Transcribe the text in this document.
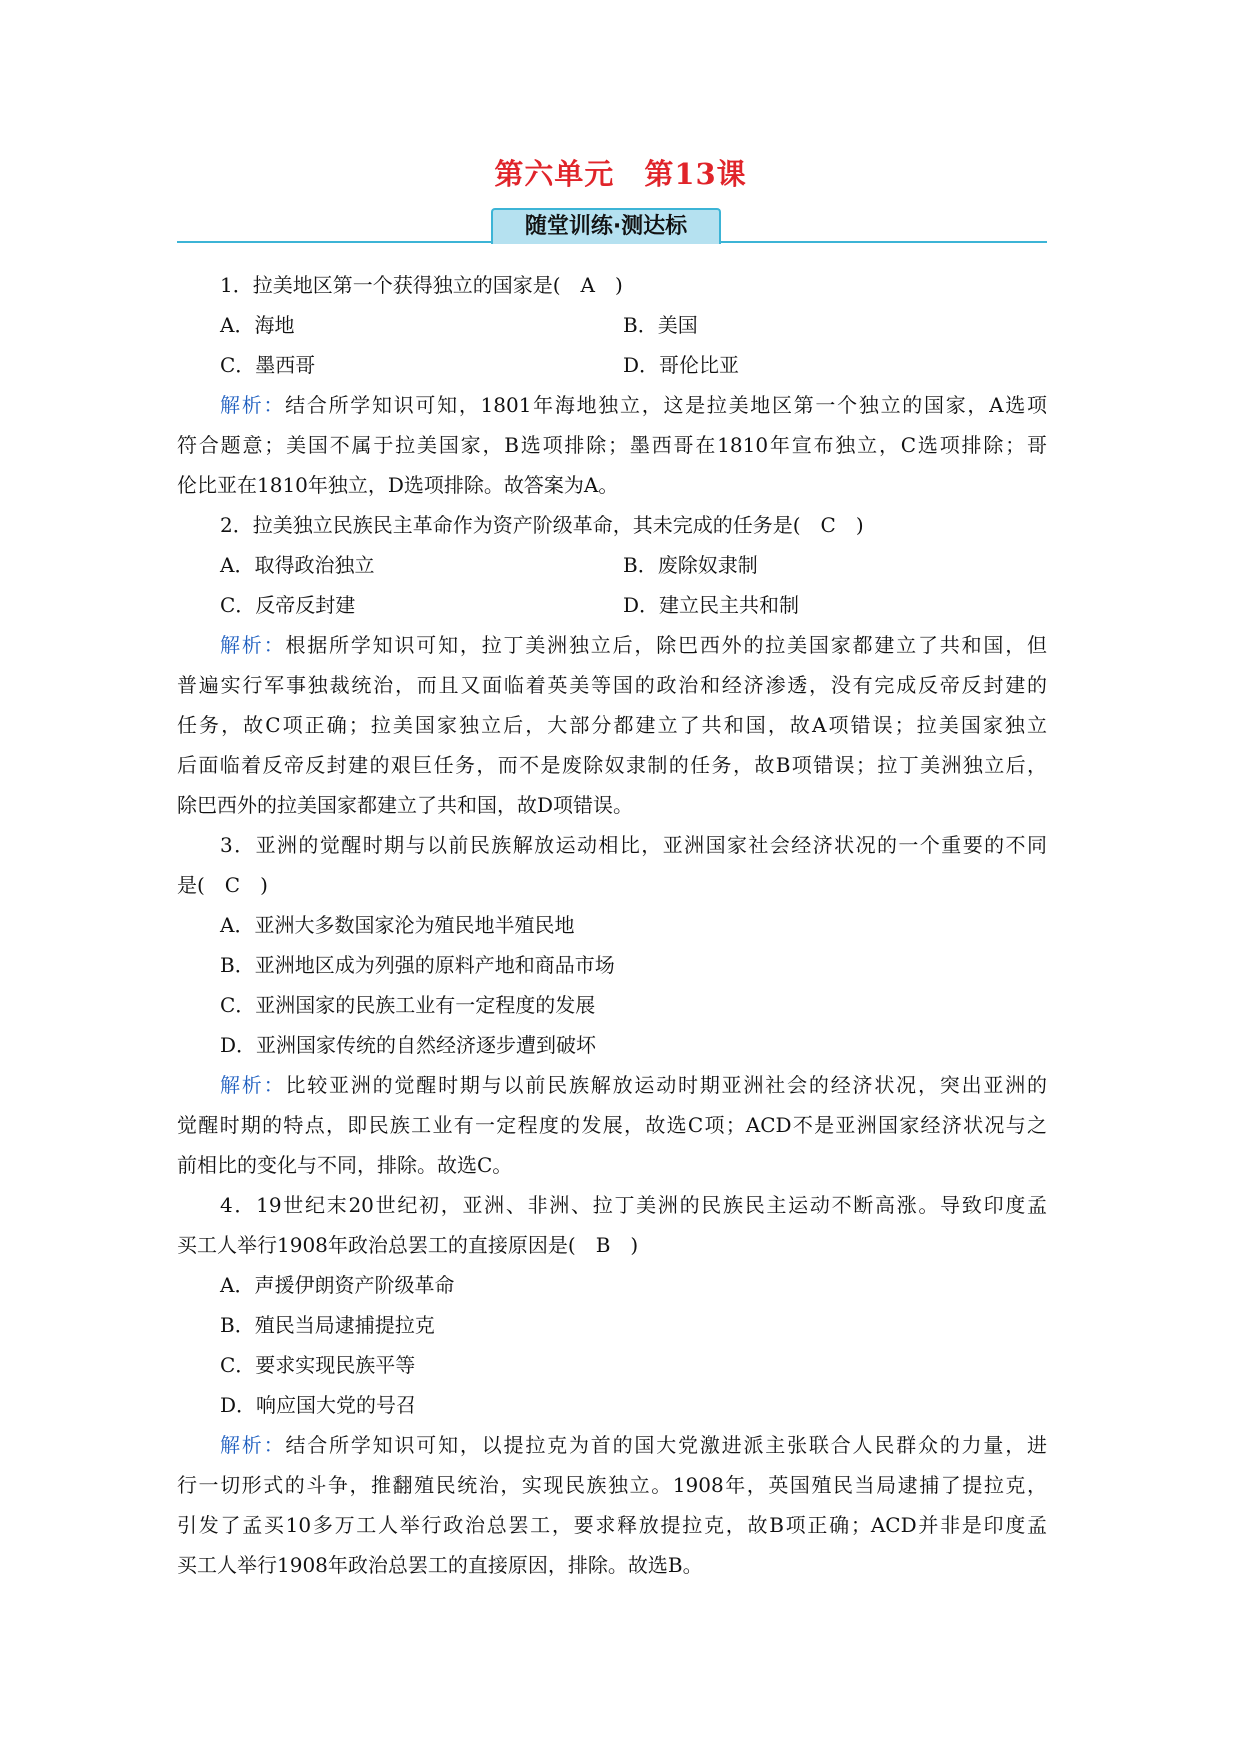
第六单元 第13课
随堂训练·测达标
1．拉美地区第一个获得独立的国家是(　A　)
A．海地	B．美国
C．墨西哥	D．哥伦比亚
解析：结合所学知识可知，1801年海地独立，这是拉美地区第一个独立的国家，A选项
符合题意；美国不属于拉美国家，B选项排除；墨西哥在1810年宣布独立，C选项排除；哥
伦比亚在1810年独立，D选项排除。故答案为A。
2．拉美独立民族民主革命作为资产阶级革命，其未完成的任务是(　C　)
A．取得政治独立	B．废除奴隶制
C．反帝反封建	D．建立民主共和制
解析：根据所学知识可知，拉丁美洲独立后，除巴西外的拉美国家都建立了共和国，但
普遍实行军事独裁统治，而且又面临着英美等国的政治和经济渗透，没有完成反帝反封建的
任务，故C项正确；拉美国家独立后，大部分都建立了共和国，故A项错误；拉美国家独立
后面临着反帝反封建的艰巨任务，而不是废除奴隶制的任务，故B项错误；拉丁美洲独立后，
除巴西外的拉美国家都建立了共和国，故D项错误。
3．亚洲的觉醒时期与以前民族解放运动相比，亚洲国家社会经济状况的一个重要的不同
是(　C　)
A．亚洲大多数国家沦为殖民地半殖民地
B．亚洲地区成为列强的原料产地和商品市场
C．亚洲国家的民族工业有一定程度的发展
D．亚洲国家传统的自然经济逐步遭到破坏
解析：比较亚洲的觉醒时期与以前民族解放运动时期亚洲社会的经济状况，突出亚洲的
觉醒时期的特点，即民族工业有一定程度的发展，故选C项；ACD不是亚洲国家经济状况与之
前相比的变化与不同，排除。故选C。
4．19世纪末20世纪初，亚洲、非洲、拉丁美洲的民族民主运动不断高涨。导致印度孟
买工人举行1908年政治总罢工的直接原因是(　B　)
A．声援伊朗资产阶级革命
B．殖民当局逮捕提拉克
C．要求实现民族平等
D．响应国大党的号召
解析：结合所学知识可知，以提拉克为首的国大党激进派主张联合人民群众的力量，进
行一切形式的斗争，推翻殖民统治，实现民族独立。1908年，英国殖民当局逮捕了提拉克，
引发了孟买10多万工人举行政治总罢工，要求释放提拉克，故B项正确；ACD并非是印度孟
买工人举行1908年政治总罢工的直接原因，排除。故选B。
